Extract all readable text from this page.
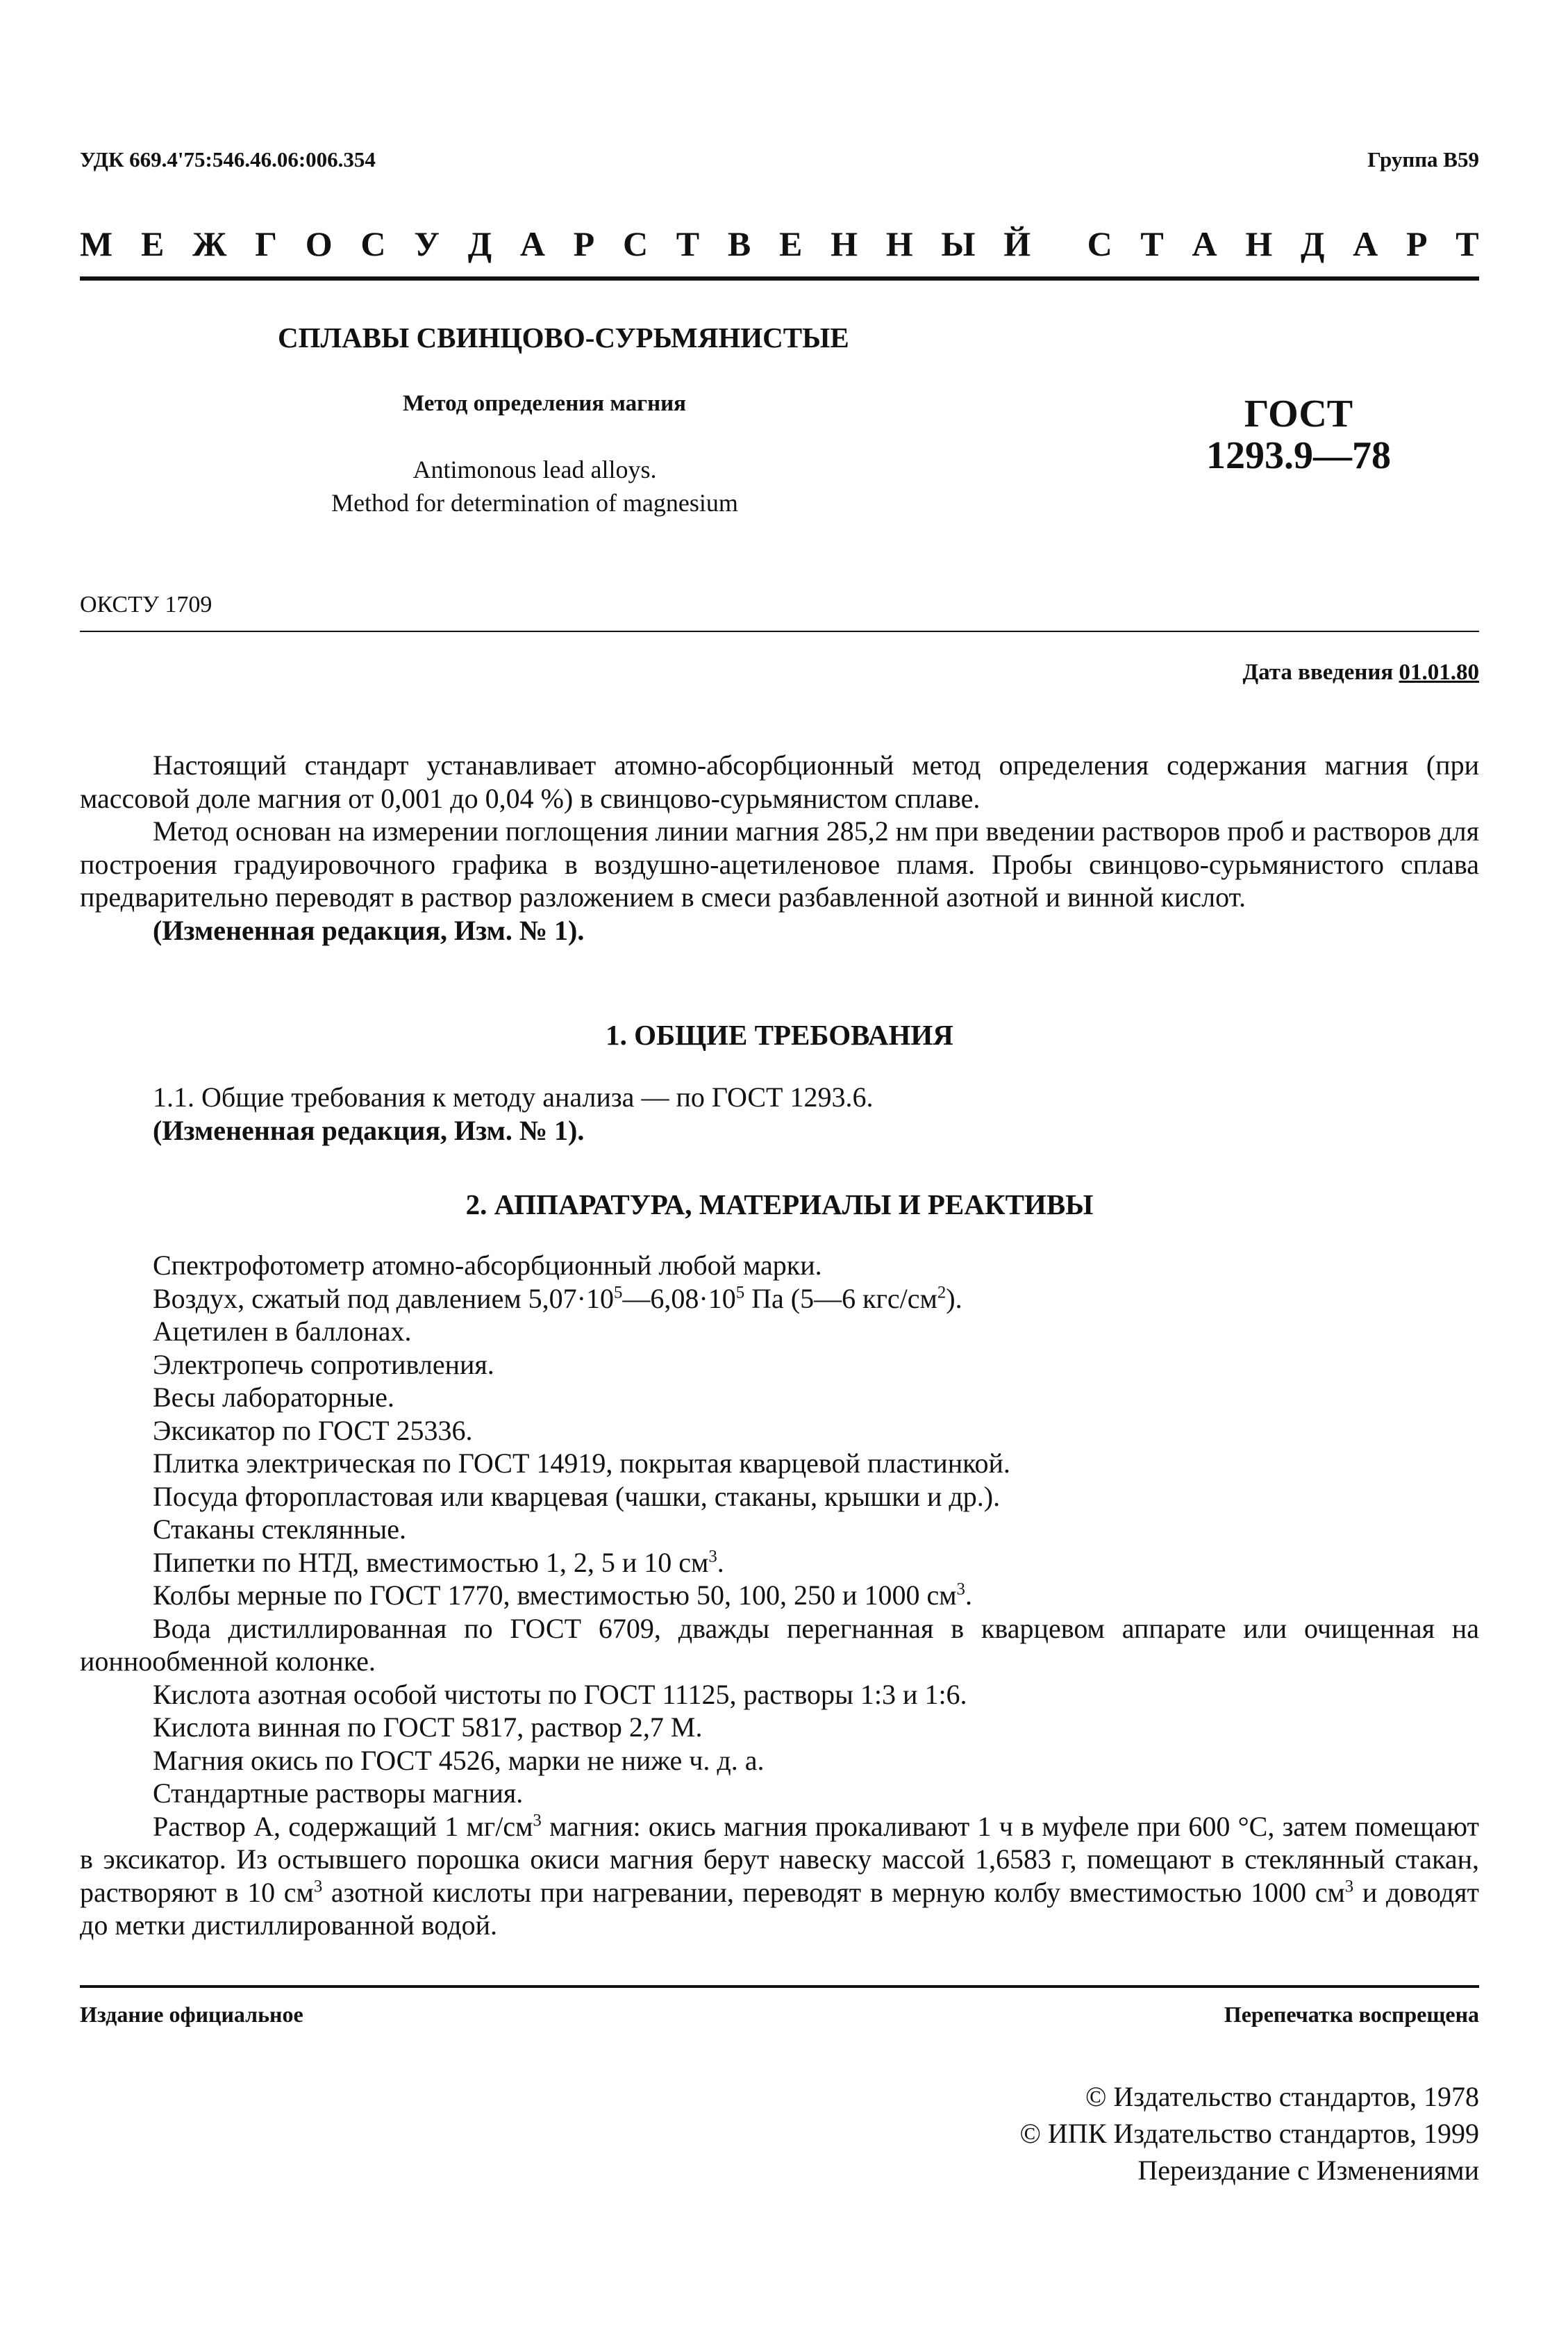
УДК 669.4'75:546.46.06:006.354	Группа В59
М Е Ж Г О С У Д А Р С Т В Е Н Н Ы Й С Т А Н Д А Р Т
СПЛАВЫ СВИНЦОВО-СУРЬМЯНИСТЫЕ
Метод определения магния
Antimonous lead alloys.
Method for determination of magnesium
ГОСТ
1293.9—78
ОКСТУ 1709
Дата введения 01.01.80

Настоящий стандарт устанавливает атомно-абсорбционный метод определения содержания магния (при массовой доле магния от 0,001 до 0,04 %) в свинцово-сурьмянистом сплаве.

Метод основан на измерении поглощения линии магния 285,2 нм при введении растворов проб и растворов для построения градуировочного графика в воздушно-ацетиленовое пламя. Пробы свинцово-сурьмянистого сплава предварительно переводят в раствор разложением в смеси разбавленной азотной и винной кислот.

(Измененная редакция, Изм. № 1).

1. ОБЩИЕ ТРЕБОВАНИЯ

1.1. Общие требования к методу анализа — по ГОСТ 1293.6.

(Измененная редакция, Изм. № 1).

2. АППАРАТУРА, МАТЕРИАЛЫ И РЕАКТИВЫ

Спектрофотометр атомно-абсорбционный любой марки.

Воздух, сжатый под давлением $5,07\cdot 10^5—6,08\cdot 10^5$ Па (5—6 кгс/$см^2$).

Ацетилен в баллонах.

Электропечь сопротивления.

Весы лабораторные.

Эксикатор по ГОСТ 25336.

Плитка электрическая по ГОСТ 14919, покрытая кварцевой пластинкой.

Посуда фторопластовая или кварцевая (чашки, стаканы, крышки и др.).

Стаканы стеклянные.

Пипетки по НТД, вместимостью 1, 2, 5 и 10 $см^3$.

Колбы мерные по ГОСТ 1770, вместимостью 50, 100, 250 и 1000 $см^3$.

Вода дистиллированная по ГОСТ 6709, дважды перегнанная в кварцевом аппарате или очищенная на ионнообменной колонке.

Кислота азотная особой чистоты по ГОСТ 11125, растворы 1:3 и 1:6.

Кислота винная по ГОСТ 5817, раствор 2,7 М.

Магния окись по ГОСТ 4526, марки не ниже ч. д. а.

Стандартные растворы магния.

Раствор А, содержащий 1 $мг/см^3$ магния: окись магния прокаливают 1 ч в муфеле при 600 °С, затем помещают в эксикатор. Из остывшего порошка окиси магния берут навеску массой 1,6583 г, помещают в стеклянный стакан, растворяют в 10 $см^3$ азотной кислоты при нагревании, переводят в мерную колбу вместимостью 1000 $см^3$ и доводят до метки дистиллированной водой.

Издание официальное	Перепечатка воспрещена
© Издательство стандартов, 1978
© ИПК Издательство стандартов, 1999
Переиздание с Изменениями
